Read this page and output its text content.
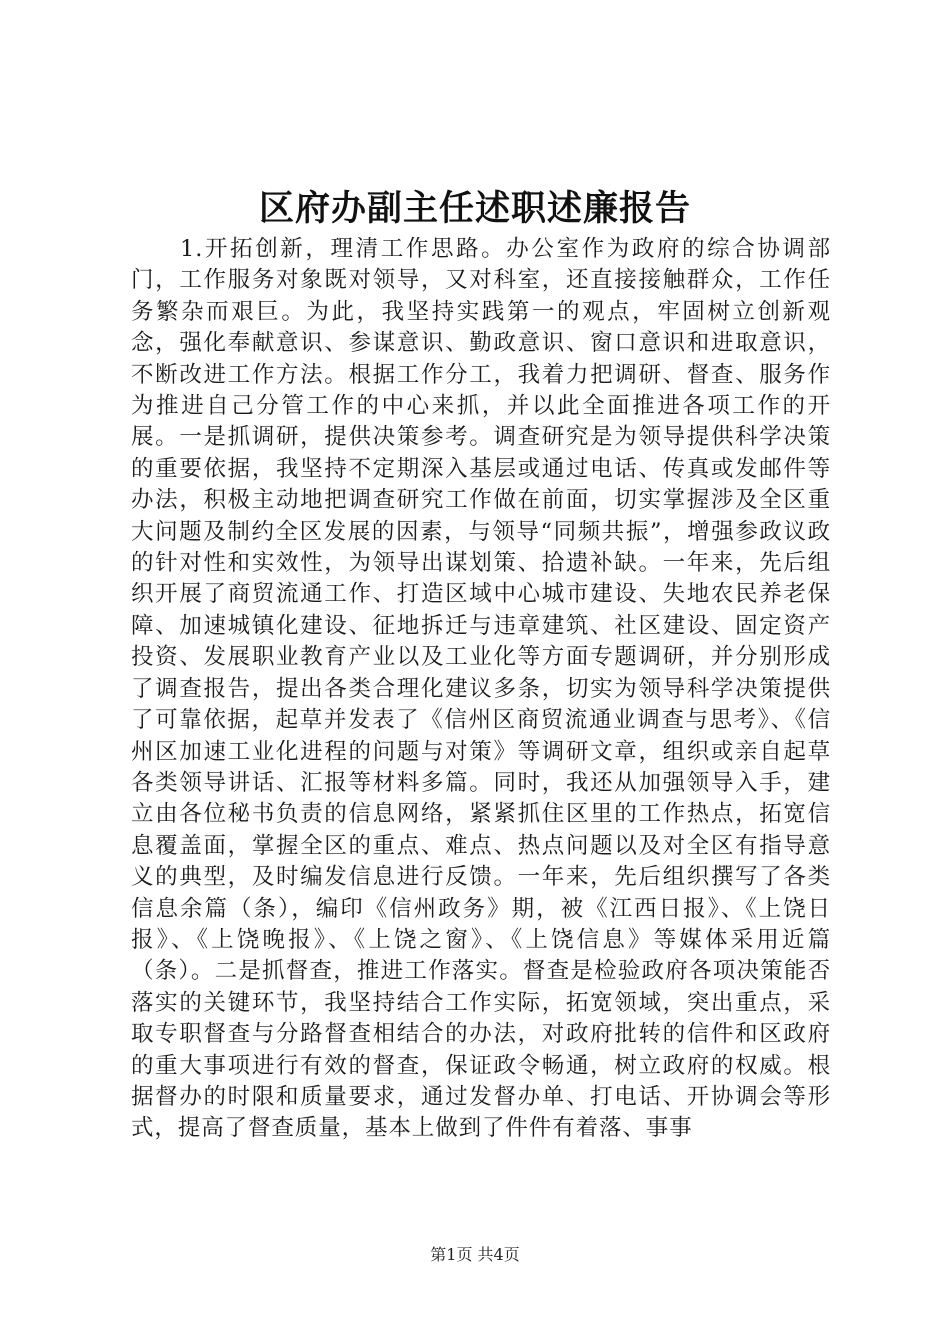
区府办副主任述职述廉报告

1.开拓创新，理清工作思路。办公室作为政府的综合协调部门，工作服务对象既对领导，又对科室，还直接接触群众，工作任务繁杂而艰巨。为此，我坚持实践第一的观点，牢固树立创新观念，强化奉献意识、参谋意识、勤政意识、窗口意识和进取意识，不断改进工作方法。根据工作分工，我着力把调研、督查、服务作为推进自己分管工作的中心来抓，并以此全面推进各项工作的开展。一是抓调研，提供决策参考。调查研究是为领导提供科学决策的重要依据，我坚持不定期深入基层或通过电话、传真或发邮件等办法，积极主动地把调查研究工作做在前面，切实掌握涉及全区重大问题及制约全区发展的因素，与领导“同频共振”，增强参政议政的针对性和实效性，为领导出谋划策、拾遗补缺。一年来，先后组织开展了商贸流通工作、打造区域中心城市建设、失地农民养老保障、加速城镇化建设、征地拆迁与违章建筑、社区建设、固定资产投资、发展职业教育产业以及工业化等方面专题调研，并分别形成了调查报告，提出各类合理化建议多条，切实为领导科学决策提供了可靠依据，起草并发表了《信州区商贸流通业调查与思考》、《信州区加速工业化进程的问题与对策》等调研文章，组织或亲自起草各类领导讲话、汇报等材料多篇。同时，我还从加强领导入手，建立由各位秘书负责的信息网络，紧紧抓住区里的工作热点，拓宽信息覆盖面，掌握全区的重点、难点、热点问题以及对全区有指导意义的典型，及时编发信息进行反馈。一年来，先后组织撰写了各类信息余篇（条），编印《信州政务》期，被《江西日报》、《上饶日报》、《上饶晚报》、《上饶之窗》、《上饶信息》等媒体采用近篇（条）。二是抓督查，推进工作落实。督查是检验政府各项决策能否落实的关键环节，我坚持结合工作实际，拓宽领域，突出重点，采取专职督查与分路督查相结合的办法，对政府批转的信件和区政府的重大事项进行有效的督查，保证政令畅通，树立政府的权威。根据督办的时限和质量要求，通过发督办单、打电话、开协调会等形式，提高了督查质量，基本上做到了件件有着落、事事

第1页 共4页
